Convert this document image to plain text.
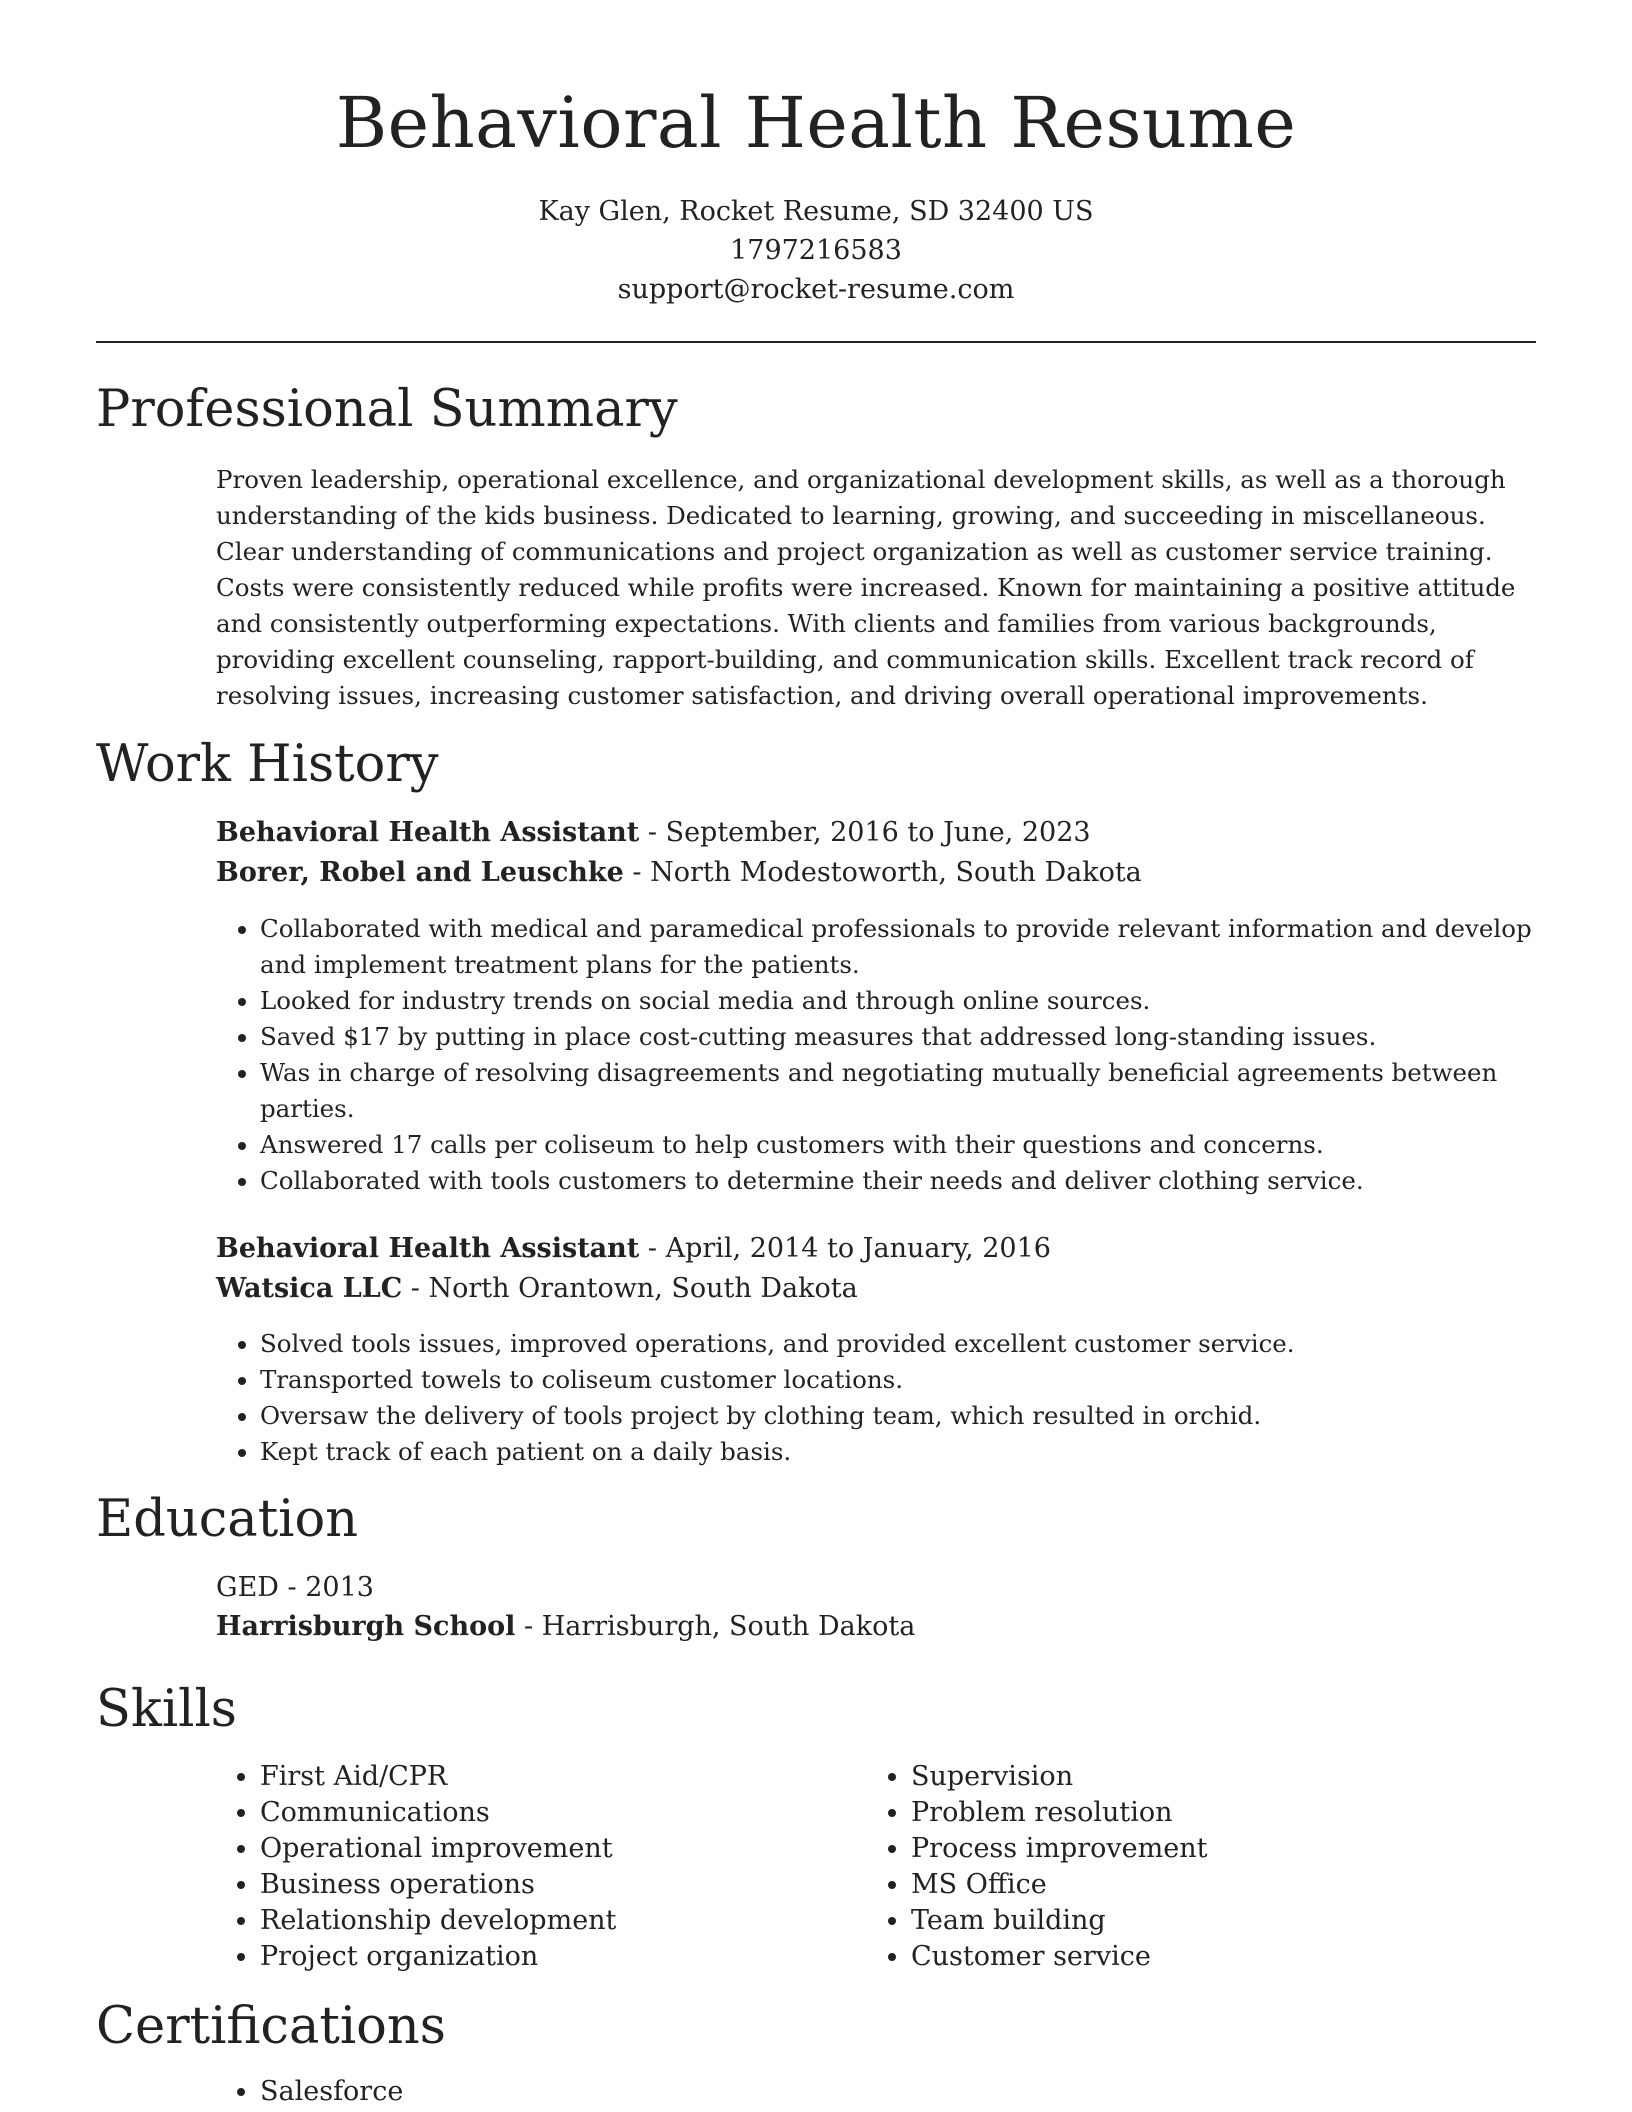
Behavioral Health Resume
Kay Glen, Rocket Resume, SD 32400 US
1797216583
support@rocket-resume.com
Professional Summary

Proven leadership, operational excellence, and organizational development skills, as well as a thorough understanding of the kids business. Dedicated to learning, growing, and succeeding in miscellaneous. Clear understanding of communications and project organization as well as customer service training. Costs were consistently reduced while profits were increased. Known for maintaining a positive attitude and consistently outperforming expectations. With clients and families from various backgrounds, providing excellent counseling, rapport-building, and communication skills. Excellent track record of resolving issues, increasing customer satisfaction, and driving overall operational improvements.

Work History
Behavioral Health Assistant - September, 2016 to June, 2023
Borer, Robel and Leuschke - North Modestoworth, South Dakota
• Collaborated with medical and paramedical professionals to provide relevant information and develop and implement treatment plans for the patients.
• Looked for industry trends on social media and through online sources.
• Saved $17 by putting in place cost-cutting measures that addressed long-standing issues.
• Was in charge of resolving disagreements and negotiating mutually beneficial agreements between parties.
• Answered 17 calls per coliseum to help customers with their questions and concerns.
• Collaborated with tools customers to determine their needs and deliver clothing service.
Behavioral Health Assistant - April, 2014 to January, 2016
Watsica LLC - North Orantown, South Dakota
• Solved tools issues, improved operations, and provided excellent customer service.
• Transported towels to coliseum customer locations.
• Oversaw the delivery of tools project by clothing team, which resulted in orchid.
• Kept track of each patient on a daily basis.
Education
GED - 2013
Harrisburgh School - Harrisburgh, South Dakota
Skills
• First Aid/CPR
• Communications
• Operational improvement
• Business operations
• Relationship development
• Project organization
• Supervision
• Problem resolution
• Process improvement
• MS Office
• Team building
• Customer service
Certifications
• Salesforce
